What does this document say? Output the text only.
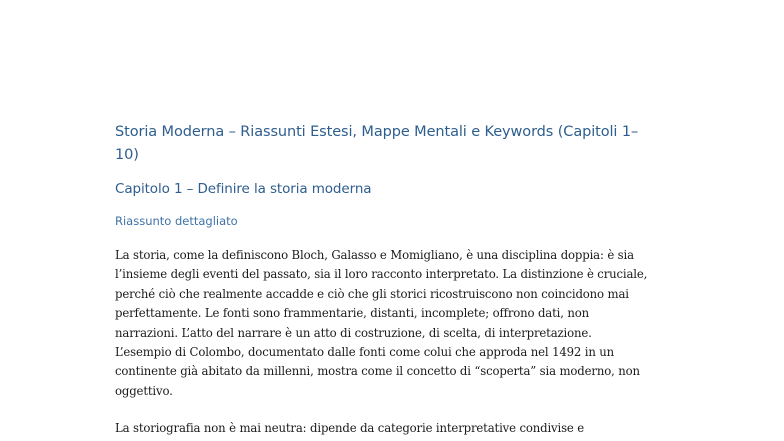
Storia Moderna – Riassunti Estesi, Mappe Mentali e Keywords (Capitoli 1–
10)
Capitolo 1 – Definire la storia moderna
Riassunto dettagliato

La storia, come la definiscono Bloch, Galasso e Momigliano, è una disciplina doppia: è sia
l’insieme degli eventi del passato, sia il loro racconto interpretato. La distinzione è cruciale,
perché ciò che realmente accadde e ciò che gli storici ricostruiscono non coincidono mai
perfettamente. Le fonti sono frammentarie, distanti, incomplete; offrono dati, non
narrazioni. L’atto del narrare è un atto di costruzione, di scelta, di interpretazione.
L’esempio di Colombo, documentato dalle fonti come colui che approda nel 1492 in un
continente già abitato da millenni, mostra come il concetto di “scoperta” sia moderno, non
oggettivo.

La storiografia non è mai neutra: dipende da categorie interpretative condivise e
